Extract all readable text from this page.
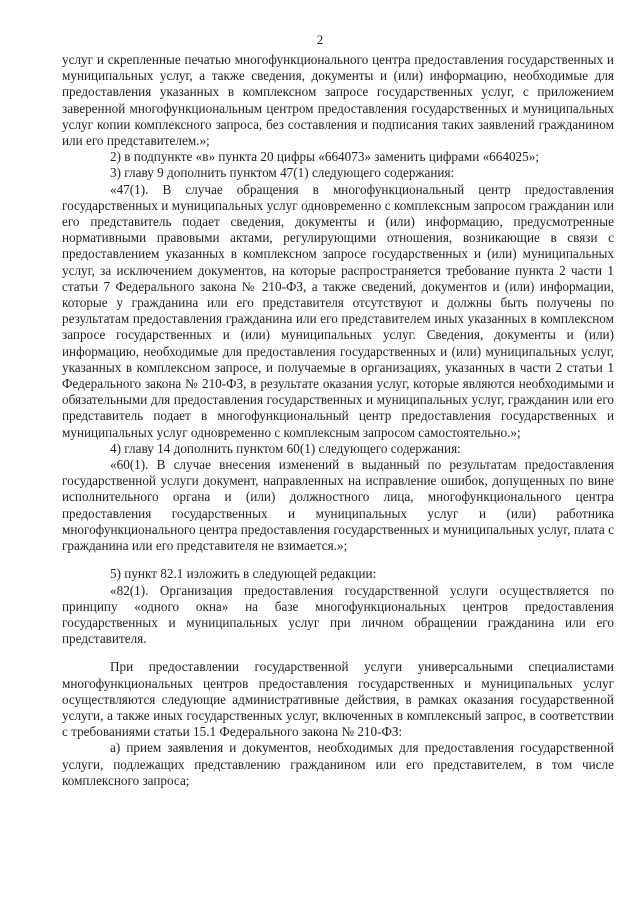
2

услуг и скрепленные печатью многофункционального центра предоставления государственных и муниципальных услуг, а также сведения, документы и (или) информацию, необходимые для предоставления указанных в комплексном запросе государственных услуг, с приложением заверенной многофункциональным центром предоставления государственных и муниципальных услуг копии комплексного запроса, без составления и подписания таких заявлений гражданином или его представителем.»;

2) в подпункте «в» пункта 20 цифры «664073» заменить цифрами «664025»;

3) главу 9 дополнить пунктом 47(1) следующего содержания:

«47(1). В случае обращения в многофункциональный центр предоставления государственных и муниципальных услуг одновременно с комплексным запросом гражданин или его представитель подает сведения, документы и (или) информацию, предусмотренные нормативными правовыми актами, регулирующими отношения, возникающие в связи с предоставлением указанных в комплексном запросе государственных и (или) муниципальных услуг, за исключением документов, на которые распространяется требование пункта 2 части 1 статьи 7 Федерального закона № 210-ФЗ, а также сведений, документов и (или) информации, которые у гражданина или его представителя отсутствуют и должны быть получены по результатам предоставления гражданина или его представителем иных указанных в комплексном запросе государственных и (или) муниципальных услуг. Сведения, документы и (или) информацию, необходимые для предоставления государственных и (или) муниципальных услуг, указанных в комплексном запросе, и получаемые в организациях, указанных в части 2 статьи 1 Федерального закона № 210-ФЗ, в результате оказания услуг, которые являются необходимыми и обязательными для предоставления государственных и муниципальных услуг, гражданин или его представитель подает в многофункциональный центр предоставления государственных и муниципальных услуг одновременно с комплексным запросом самостоятельно.»;

4) главу 14 дополнить пунктом 60(1) следующего содержания:

«60(1). В случае внесения изменений в выданный по результатам предоставления государственной услуги документ, направленных на исправление ошибок, допущенных по вине исполнительного органа и (или) должностного лица, многофункционального центра предоставления государственных и муниципальных услуг и (или) работника многофункционального центра предоставления государственных и муниципальных услуг, плата с гражданина или его представителя не взимается.»;

5) пункт 82.1 изложить в следующей редакции:

«82(1). Организация предоставления государственной услуги осуществляется по принципу «одного окна» на базе многофункциональных центров предоставления государственных и муниципальных услуг при личном обращении гражданина или его представителя.

При предоставлении государственной услуги универсальными специалистами многофункциональных центров предоставления государственных и муниципальных услуг осуществляются следующие административные действия, в рамках оказания государственной услуги, а также иных государственных услуг, включенных в комплексный запрос, в соответствии с требованиями статьи 15.1 Федерального закона № 210-ФЗ:

а) прием заявления и документов, необходимых для предоставления государственной услуги, подлежащих представлению гражданином или его представителем, в том числе комплексного запроса;
